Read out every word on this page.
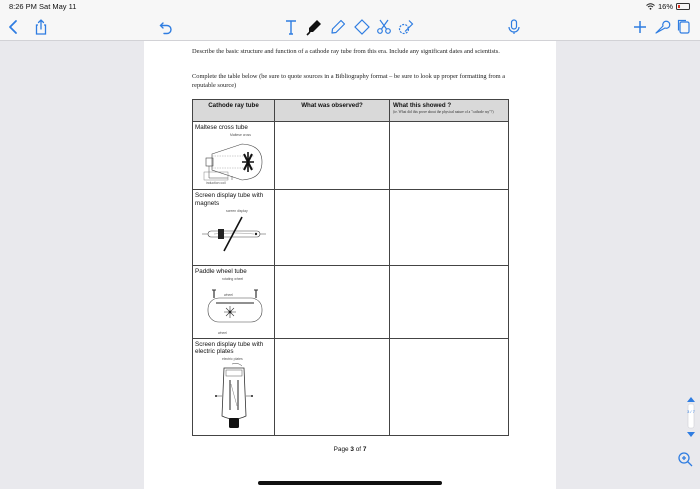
8:26 PM Sat May 11	16%

Describe the basic structure and function of a cathode ray tube from this era. Include any significant dates and scientists.

Complete the table below (be sure to quote sources in a Bibliography format – be sure to look up proper formatting from a reputable source)

Cathode ray tube	What was observed?	What this showed ?
(ie. What did this prove about the physical nature of a "cathode ray"?)

Maltese cross tube
Maltese cross
induction coil		

Screen display tube with magnets
screen display		

Paddle wheel tube
rotating wheel
wheel
wheel		

Screen display tube with electric plates
electric plates		

Page 3 of 7
3 / 7
